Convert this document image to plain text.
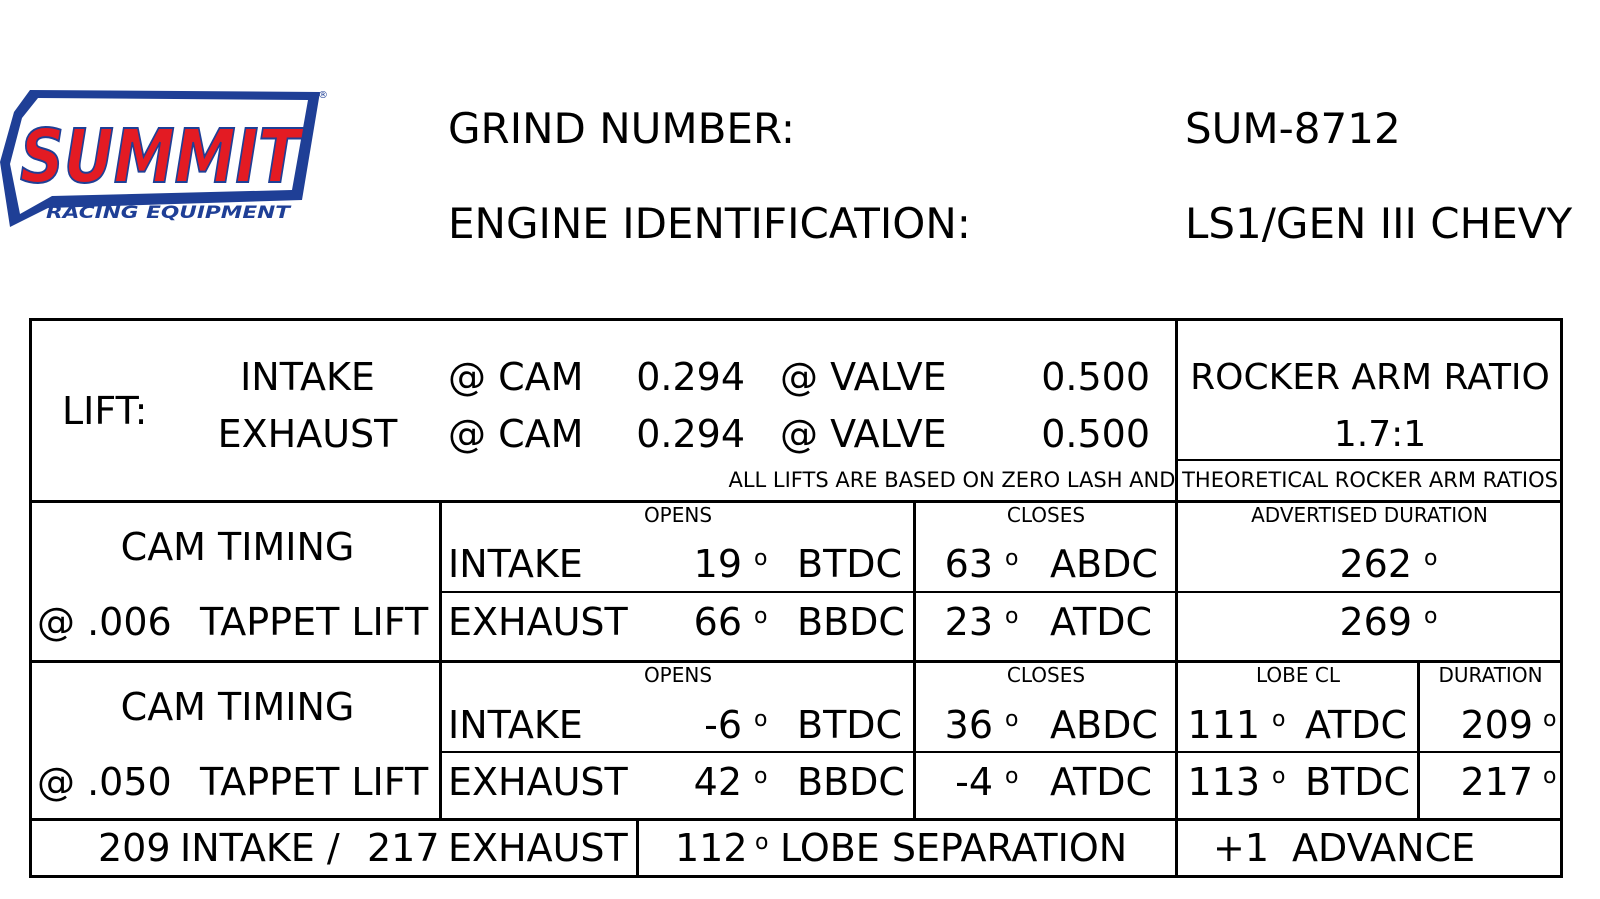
SUMMIT
RACING EQUIPMENT
®
GRIND NUMBER:	SUM-8712
ENGINE IDENTIFICATION:	LS1/GEN III CHEVY
LIFT:
INTAKE	@ CAM	0.294 @ VALVE	0.500
EXHAUST @ CAM	0.294 @ VALVE	0.500
ROCKER ARM RATIO
1.7:1
ALL LIFTS ARE BASED ON ZERO LASH AND THEORETICAL ROCKER ARM RATIOS
CAM TIMING
@ .006 TAPPET LIFT
OPENS	CLOSES	ADVERTISED DURATION
INTAKE	19 o BTDC	63 o ABDC	262 o
EXHAUST	66 o BBDC	23 o ATDC	269 o
CAM TIMING
@ .050 TAPPET LIFT
OPENS	CLOSES	LOBE CL	DURATION
INTAKE	-6 o BTDC	36 o ABDC 111 o ATDC	209 o
EXHAUST	42 o BBDC	-4 o ATDC 113 o BTDC	217 o
209 INTAKE / 217 EXHAUST 112 o LOBE SEPARATION +1 ADVANCE
